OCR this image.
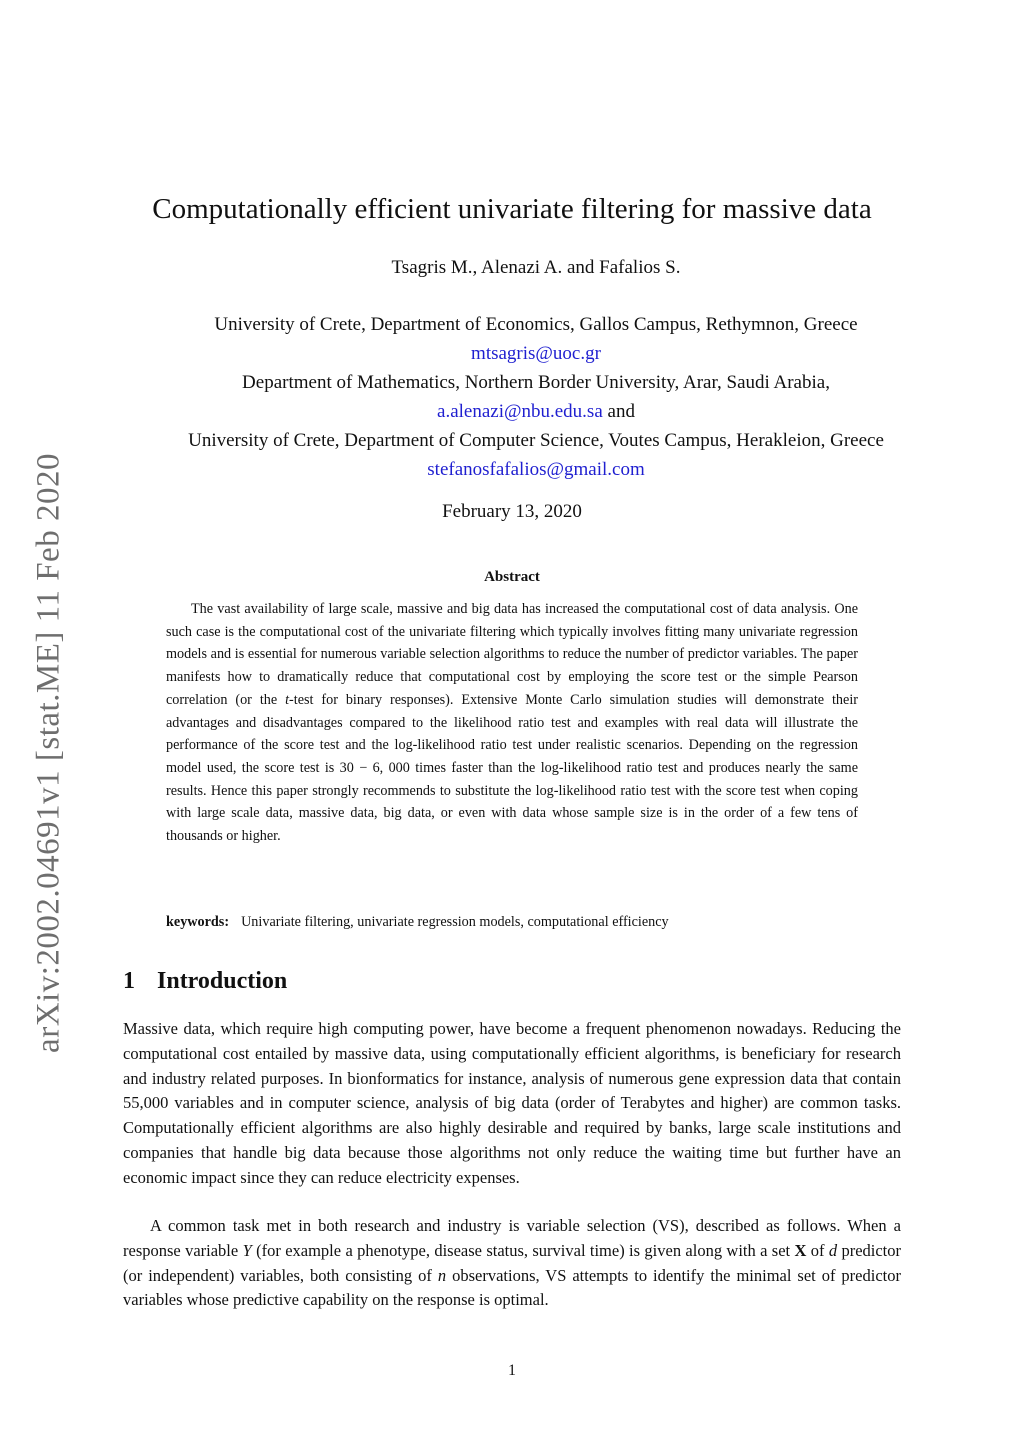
arXiv:2002.04691v1 [stat.ME] 11 Feb 2020
Computationally efficient univariate filtering for massive data
Tsagris M., Alenazi A. and Fafalios S.
University of Crete, Department of Economics, Gallos Campus, Rethymnon, Greece
mtsagris@uoc.gr
Department of Mathematics, Northern Border University, Arar, Saudi Arabia,
a.alenazi@nbu.edu.sa and
University of Crete, Department of Computer Science, Voutes Campus, Herakleion, Greece
stefanosfafalios@gmail.com
February 13, 2020
Abstract

The vast availability of large scale, massive and big data has increased the computational cost of data analysis. One such case is the computational cost of the univariate filtering which typically involves fitting many univariate regression models and is essential for numerous variable selection algorithms to reduce the number of predictor variables. The paper manifests how to dramatically reduce that computational cost by employing the score test or the simple Pearson correlation (or the t-test for binary responses). Extensive Monte Carlo simulation studies will demonstrate their advantages and disadvantages compared to the likelihood ratio test and examples with real data will illustrate the performance of the score test and the log-likelihood ratio test under realistic scenarios. Depending on the regression model used, the score test is 30 − 6, 000 times faster than the log-likelihood ratio test and produces nearly the same results. Hence this paper strongly recommends to substitute the log-likelihood ratio test with the score test when coping with large scale data, massive data, big data, or even with data whose sample size is in the order of a few tens of thousands or higher.

keywords: Univariate filtering, univariate regression models, computational efficiency
1 Introduction

Massive data, which require high computing power, have become a frequent phenomenon nowadays. Reducing the computational cost entailed by massive data, using computationally efficient algorithms, is beneficiary for research and industry related purposes. In bionformatics for instance, analysis of numerous gene expression data that contain 55,000 variables and in computer science, analysis of big data (order of Terabytes and higher) are common tasks. Computationally efficient algorithms are also highly desirable and required by banks, large scale institutions and companies that handle big data because those algorithms not only reduce the waiting time but further have an economic impact since they can reduce electricity expenses.

A common task met in both research and industry is variable selection (VS), described as follows. When a response variable Y (for example a phenotype, disease status, survival time) is given along with a set X of d predictor (or independent) variables, both consisting of n observations, VS attempts to identify the minimal set of predictor variables whose predictive capability on the response is optimal.

1
